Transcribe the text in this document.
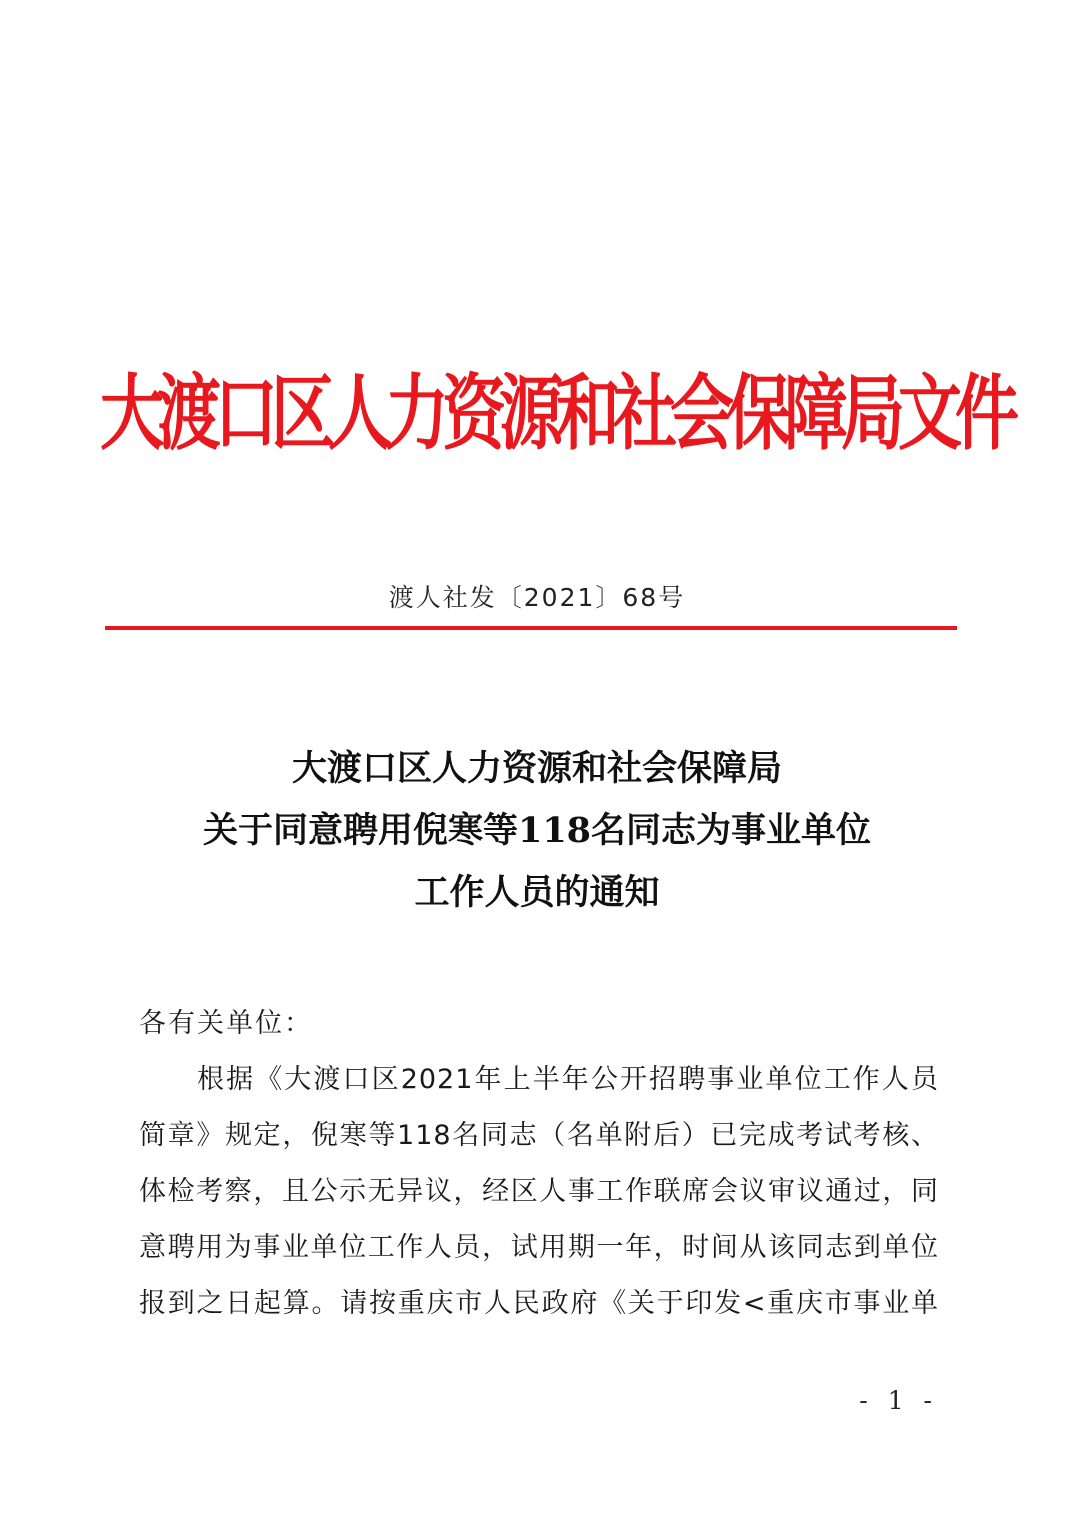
大渡口区人力资源和社会保障局文件
渡人社发〔2021〕68号
大渡口区人力资源和社会保障局
关于同意聘用倪寒等118名同志为事业单位
工作人员的通知
各有关单位：
根据《大渡口区2021年上半年公开招聘事业单位工作人员简章》规定，倪寒等118名同志（名单附后）已完成考试考核、体检考察，且公示无异议，经区人事工作联席会议审议通过，同意聘用为事业单位工作人员，试用期一年，时间从该同志到单位报到之日起算。请按重庆市人民政府《关于印发<重庆市事业单
- 1 -
